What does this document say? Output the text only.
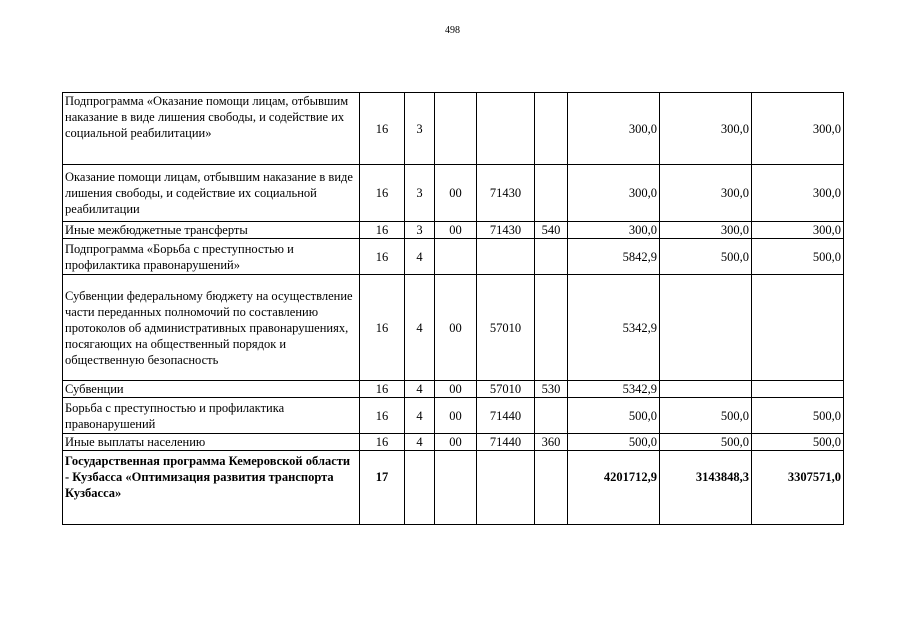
498
Подпрограмма «Оказание помощи лицам, отбывшим наказание в виде лишения свободы, и содействие их социальной реабилитации»	16	3				300,0	300,0	300,0
Оказание помощи лицам, отбывшим наказание в виде лишения свободы, и содействие их социальной реабилитации	16	3	00	71430		300,0	300,0	300,0
Иные межбюджетные трансферты	16	3	00	71430	540	300,0	300,0	300,0
Подпрограмма «Борьба с преступностью и профилактика правонарушений»	16	4				5842,9	500,0	500,0
Субвенции федеральному бюджету на осуществление части переданных полномочий по составлению протоколов об административных правонарушениях, посягающих на общественный порядок и общественную безопасность	16	4	00	57010		5342,9		
Субвенции	16	4	00	57010	530	5342,9		
Борьба с преступностью и профилактика правонарушений	16	4	00	71440		500,0	500,0	500,0
Иные выплаты населению	16	4	00	71440	360	500,0	500,0	500,0
Государственная программа Кемеровской области - Кузбасса «Оптимизация развития транспорта Кузбасса»	17					4201712,9	3143848,3	3307571,0
